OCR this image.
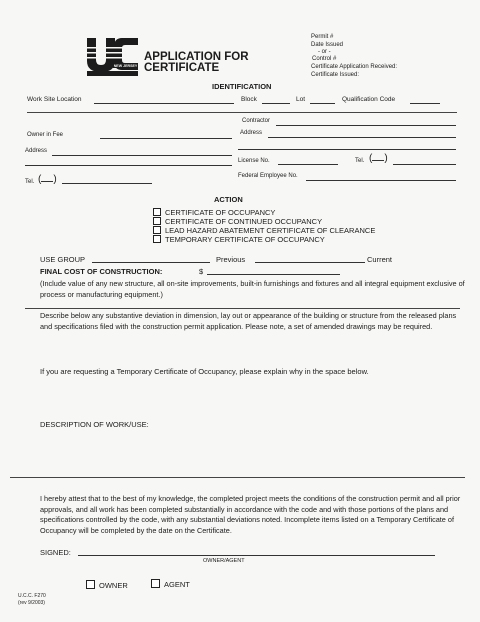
NEW JERSEY
APPLICATION FOR
CERTIFICATE
IDENTIFICATION
Permit #
Date Issued
- or -
Control #
Certificate Application Received:
Certificate Issued:
Work Site Location	Block	Lot	Qualification Code
Contractor
Owner in Fee	Address
Address
License No.	Tel. ( )
Federal Employee No.
Tel. ( )
ACTION
CERTIFICATE OF OCCUPANCY
CERTIFICATE OF CONTINUED OCCUPANCY
LEAD HAZARD ABATEMENT CERTIFICATE OF CLEARANCE
TEMPORARY CERTIFICATE OF OCCUPANCY
USE GROUP	Previous	Current
FINAL COST OF CONSTRUCTION:	$
(Include value of any new structure, all on-site improvements, built-in furnishings and fixtures and all integral equipment exclusive of process or manufacturing equipment.)
Describe below any substantive deviation in dimension, lay out or appearance of the building or structure from the released plans and specifications filed with the construction permit application. Please note, a set of amended drawings may be required.
If you are requesting a Temporary Certificate of Occupancy, please explain why in the space below.
DESCRIPTION OF WORK/USE:
I hereby attest that to the best of my knowledge, the completed project meets the conditions of the construction permit and all prior approvals, and all work has been completed substantially in accordance with the code and with those portions of the plans and specifications controlled by the code, with any substantial deviations noted. Incomplete items listed on a Temporary Certificate of Occupancy will be completed by the date on the Certificate.
SIGNED:
OWNER/AGENT
OWNER	AGENT
U.C.C. F270
(rev 9/2003)
